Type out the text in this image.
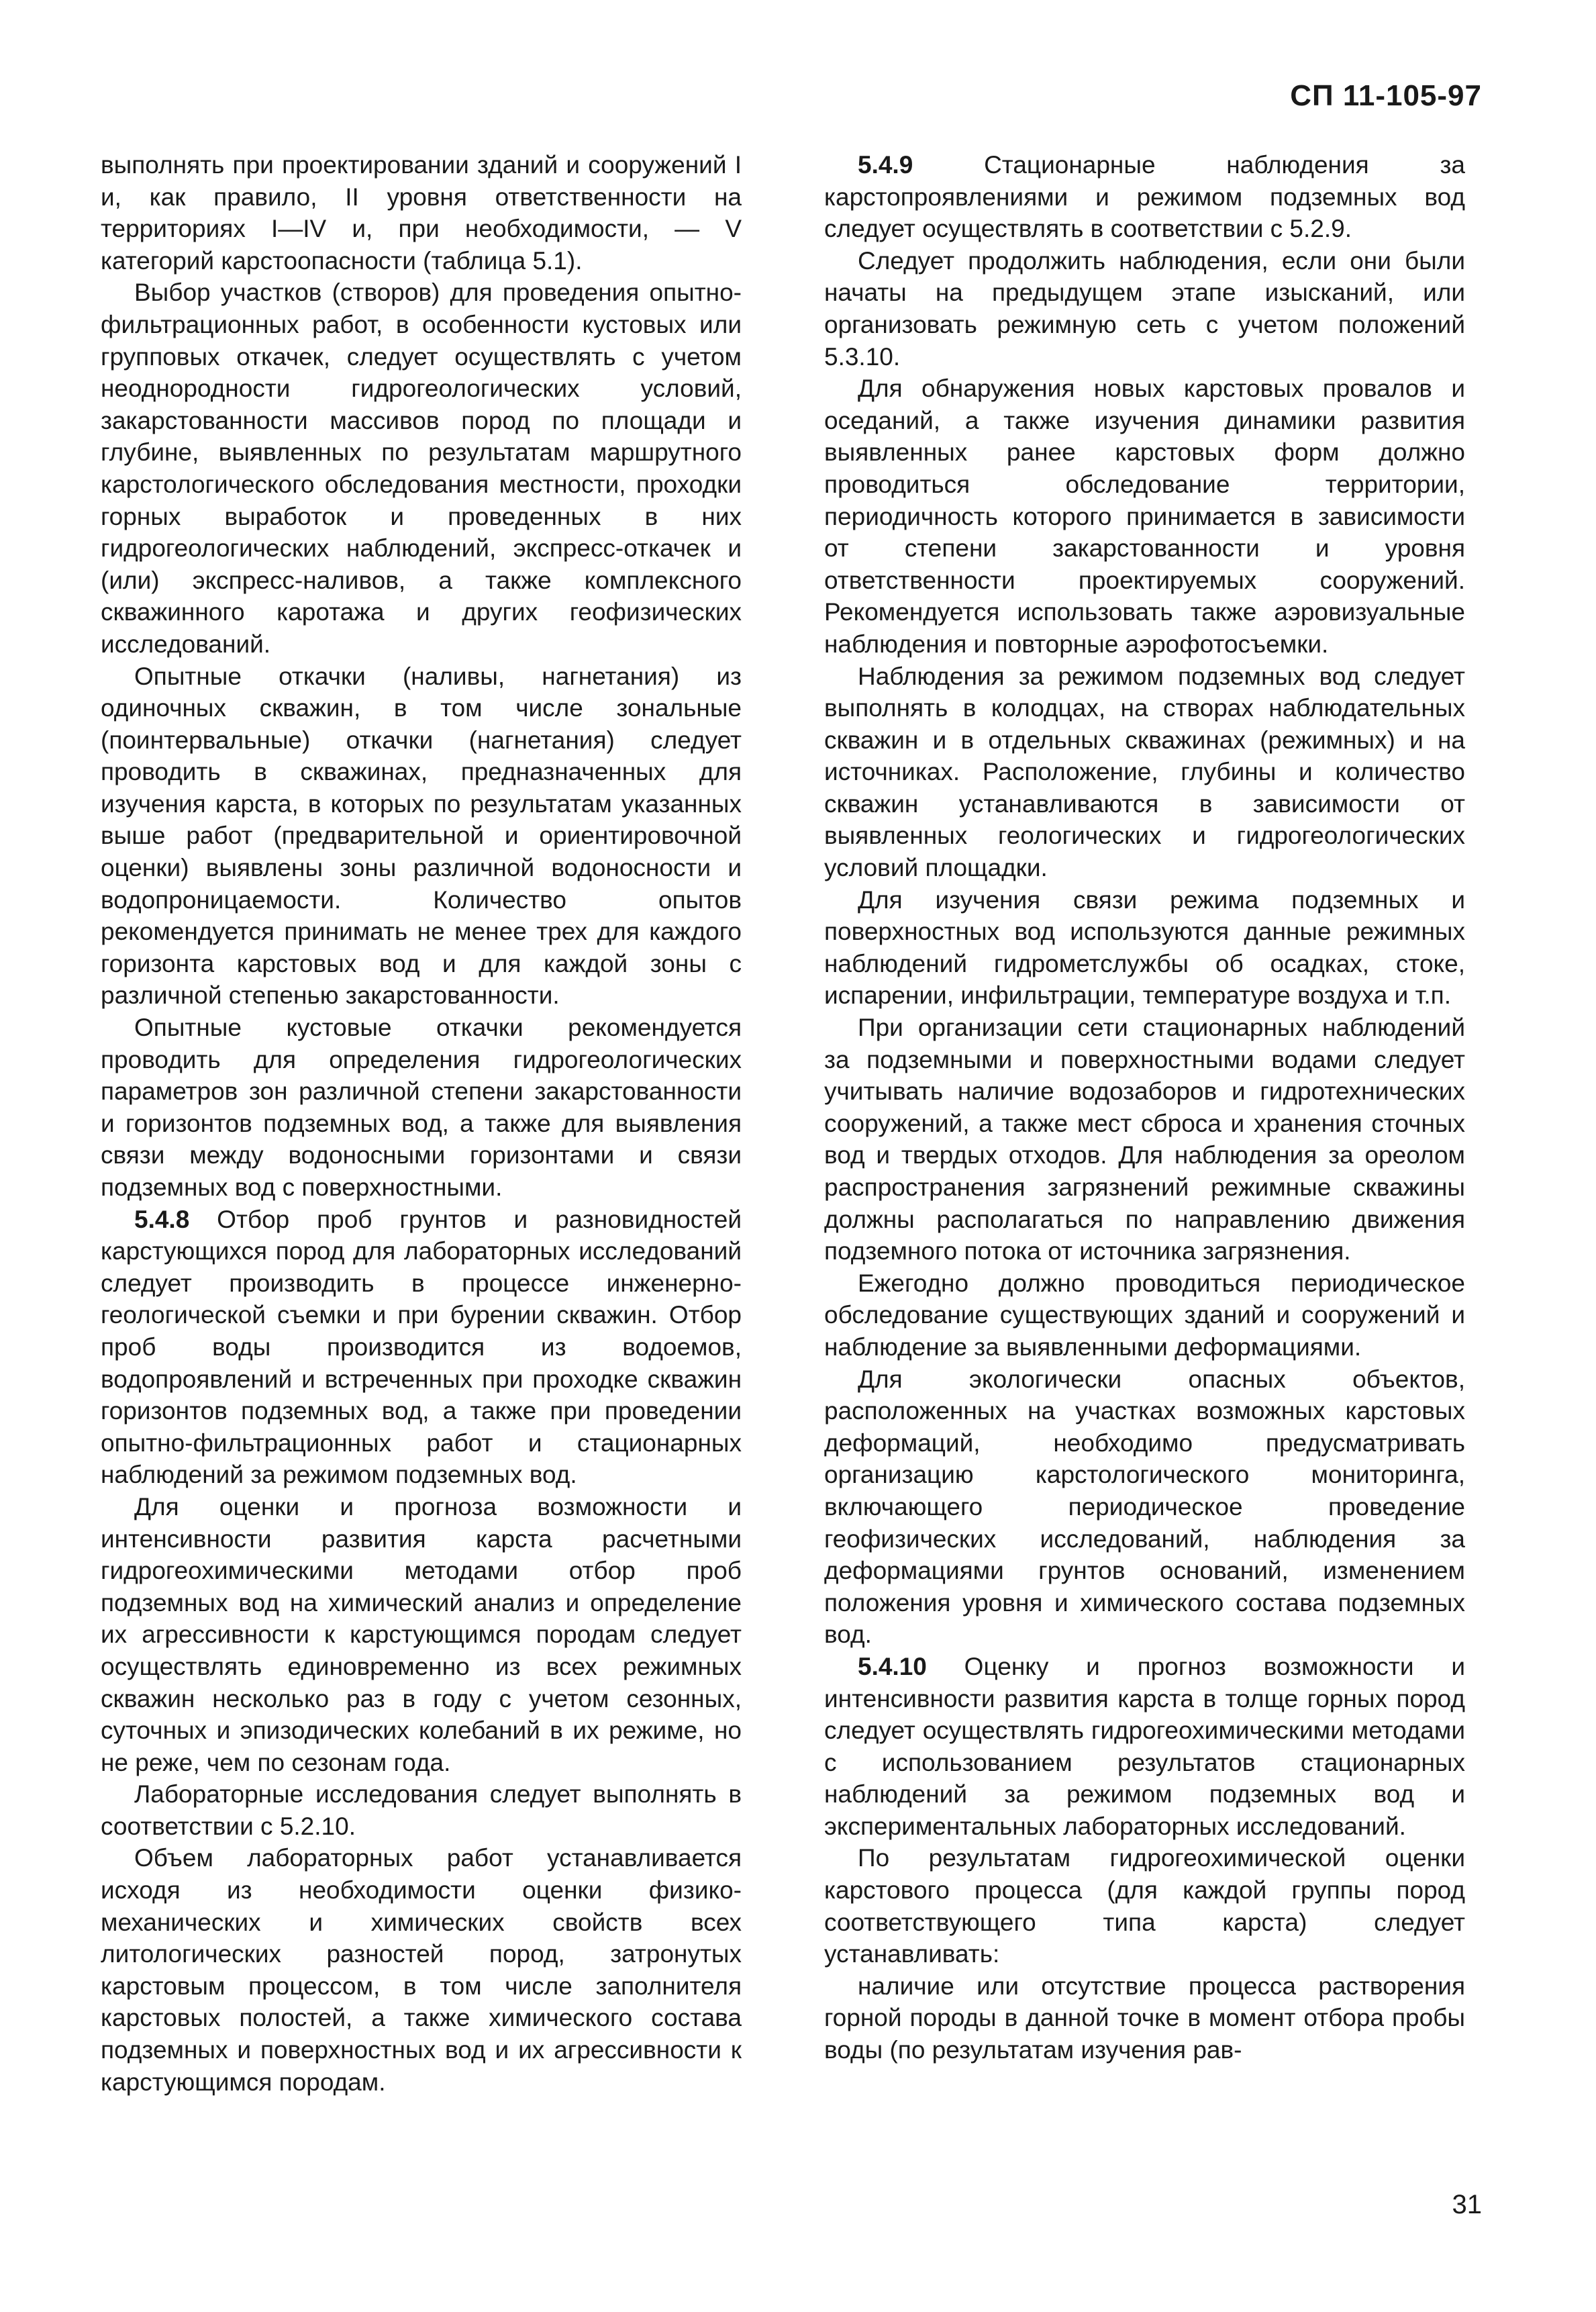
СП 11-105-97

выполнять при проектировании зданий и сооружений I и, как правило, II уровня ответственности на территориях I—IV и, при необходимости, — V категорий карстоопасности (таблица 5.1).

Выбор участков (створов) для проведения опытно-фильтрационных работ, в особенности кустовых или групповых откачек, следует осуществлять с учетом неоднородности гидрогеологических условий, закарстованности массивов пород по площади и глубине, выявленных по результатам маршрутного карстологического обследования местности, проходки горных выработок и проведенных в них гидрогеологических наблюдений, экспресс-откачек и (или) экспресс-наливов, а также комплексного скважинного каротажа и других геофизических исследований.

Опытные откачки (наливы, нагнетания) из одиночных скважин, в том числе зональные (поинтервальные) откачки (нагнетания) следует проводить в скважинах, предназначенных для изучения карста, в которых по результатам указанных выше работ (предварительной и ориентировочной оценки) выявлены зоны различной водоносности и водопроницаемости. Количество опытов рекомендуется принимать не менее трех для каждого горизонта карстовых вод и для каждой зоны с различной степенью закарстованности.

Опытные кустовые откачки рекомендуется проводить для определения гидрогеологических параметров зон различной степени закарстованности и горизонтов подземных вод, а также для выявления связи между водоносными горизонтами и связи подземных вод с поверхностными.

5.4.8 Отбор проб грунтов и разновидностей карстующихся пород для лабораторных исследований следует производить в процессе инженерно-геологической съемки и при бурении скважин. Отбор проб воды производится из водоемов, водопроявлений и встреченных при проходке скважин горизонтов подземных вод, а также при проведении опытно-фильтрационных работ и стационарных наблюдений за режимом подземных вод.

Для оценки и прогноза возможности и интенсивности развития карста расчетными гидрогеохимическими методами отбор проб подземных вод на химический анализ и определение их агрессивности к карстующимся породам следует осуществлять единовременно из всех режимных скважин несколько раз в году с учетом сезонных, суточных и эпизодических колебаний в их режиме, но не реже, чем по сезонам года.

Лабораторные исследования следует выполнять в соответствии с 5.2.10.

Объем лабораторных работ устанавливается исходя из необходимости оценки физико-механических и химических свойств всех литологических разностей пород, затронутых карстовым процессом, в том числе заполнителя карстовых полостей, а также химического состава подземных и поверхностных вод и их агрессивности к карстующимся породам.

5.4.9 Стационарные наблюдения за карстопроявлениями и режимом подземных вод следует осуществлять в соответствии с 5.2.9.

Следует продолжить наблюдения, если они были начаты на предыдущем этапе изысканий, или организовать режимную сеть с учетом положений 5.3.10.

Для обнаружения новых карстовых провалов и оседаний, а также изучения динамики развития выявленных ранее карстовых форм должно проводиться обследование территории, периодичность которого принимается в зависимости от степени закарстованности и уровня ответственности проектируемых сооружений. Рекомендуется использовать также аэровизуальные наблюдения и повторные аэрофотосъемки.

Наблюдения за режимом подземных вод следует выполнять в колодцах, на створах наблюдательных скважин и в отдельных скважинах (режимных) и на источниках. Расположение, глубины и количество скважин устанавливаются в зависимости от выявленных геологических и гидрогеологических условий площадки.

Для изучения связи режима подземных и поверхностных вод используются данные режимных наблюдений гидрометслужбы об осадках, стоке, испарении, инфильтрации, температуре воздуха и т.п.

При организации сети стационарных наблюдений за подземными и поверхностными водами следует учитывать наличие водозаборов и гидротехнических сооружений, а также мест сброса и хранения сточных вод и твердых отходов. Для наблюдения за ореолом распространения загрязнений режимные скважины должны располагаться по направлению движения подземного потока от источника загрязнения.

Ежегодно должно проводиться периодическое обследование существующих зданий и сооружений и наблюдение за выявленными деформациями.

Для экологически опасных объектов, расположенных на участках возможных карстовых деформаций, необходимо предусматривать организацию карстологического мониторинга, включающего периодическое проведение геофизических исследований, наблюдения за деформациями грунтов оснований, изменением положения уровня и химического состава подземных вод.

5.4.10 Оценку и прогноз возможности и интенсивности развития карста в толще горных пород следует осуществлять гидрогеохимическими методами с использованием результатов стационарных наблюдений за режимом подземных вод и экспериментальных лабораторных исследований.

По результатам гидрогеохимической оценки карстового процесса (для каждой группы пород соответствующего типа карста) следует устанавливать:

наличие или отсутствие процесса растворения горной породы в данной точке в момент отбора пробы воды (по результатам изучения рав-

31
